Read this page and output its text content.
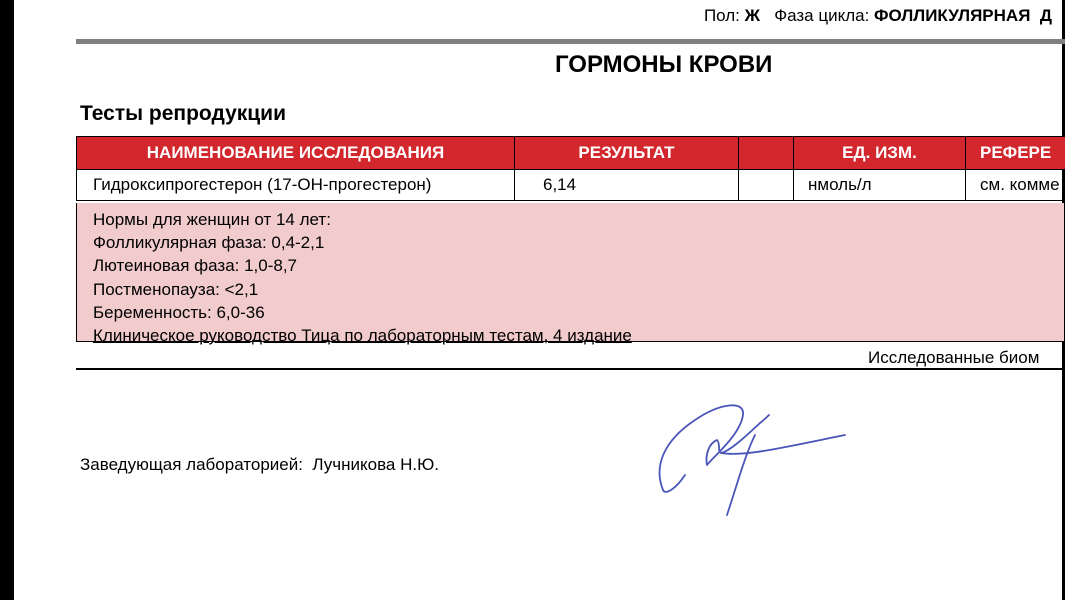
Пол: Ж Фаза цикла: ФОЛЛИКУЛЯРНАЯ Д
ГОРМОНЫ КРОВИ
Тесты репродукции
НАИМЕНОВАНИЕ ИССЛЕДОВАНИЯ	РЕЗУЛЬТАТ		ЕД. ИЗМ.	РЕФЕРЕ
Гидроксипрогестерон (17-ОН-прогестерон)	6,14		нмоль/л	см. комме
Нормы для женщин от 14 лет:
Фолликулярная фаза: 0,4-2,1
Лютеиновая фаза: 1,0-8,7
Постменопауза: <2,1
Беременность: 6,0-36
Клиническое руководство Тица по лабораторным тестам, 4 издание
Исследованные биом
Заведующая лабораторией: Лучникова Н.Ю.
